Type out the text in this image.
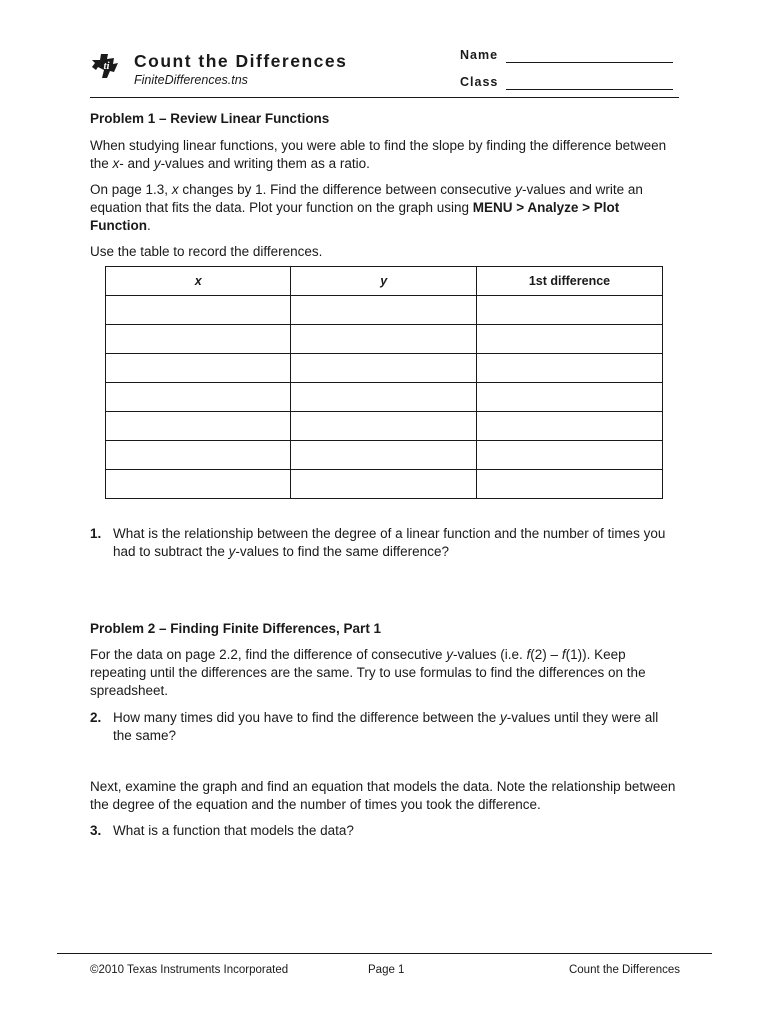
ti Count the Differences
FiniteDifferences.tns
Name
Class
Problem 1 – Review Linear Functions

When studying linear functions, you were able to find the slope by finding the difference between the x- and y-values and writing them as a ratio.

On page 1.3, x changes by 1. Find the difference between consecutive y-values and write an equation that fits the data. Plot your function on the graph using MENU > Analyze > Plot Function.

Use the table to record the differences.
x	y	1st difference

1. What is the relationship between the degree of a linear function and the number of times you had to subtract the y-values to find the same difference?
Problem 2 – Finding Finite Differences, Part 1

For the data on page 2.2, find the difference of consecutive y-values (i.e. f(2) – f(1)). Keep repeating until the differences are the same. Try to use formulas to find the differences on the spreadsheet.

2. How many times did you have to find the difference between the y-values until they were all the same?

Next, examine the graph and find an equation that models the data. Note the relationship between the degree of the equation and the number of times you took the difference.

3. What is a function that models the data?
©2010 Texas Instruments Incorporated	Page 1	Count the Differences
